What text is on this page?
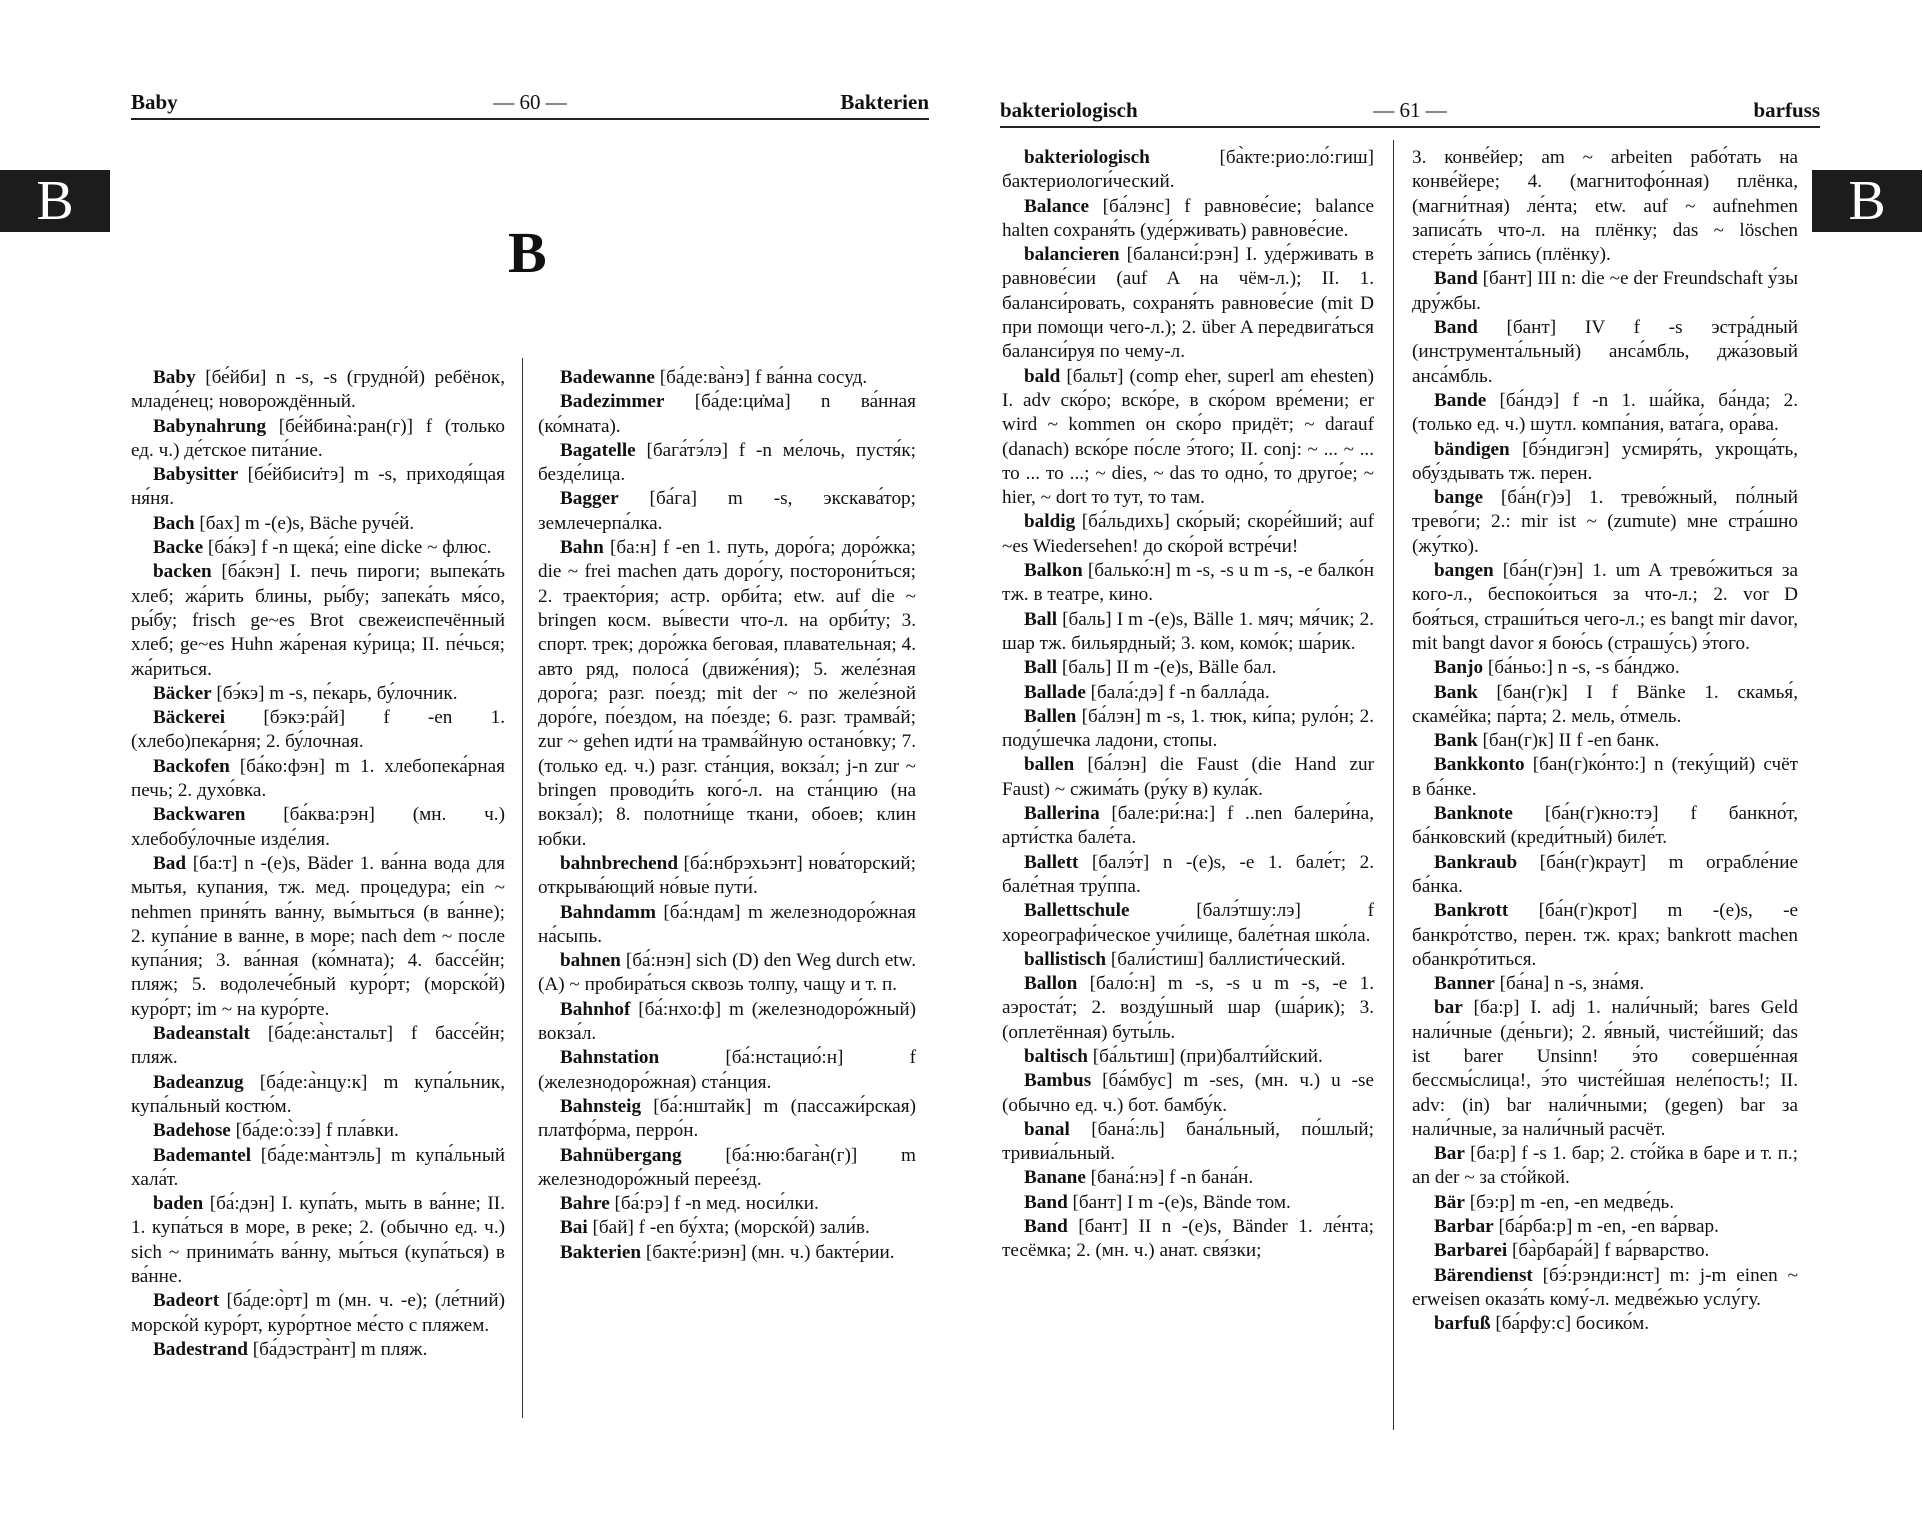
Baby	— 60 —	Bakterien
B
B

Baby [бе́йби] n -s, -s (грудно́й) ребёнок, младе́нец; новорождённый.

Babynahrung [бе́йбина̀:ран(г)] f (только ед. ч.) де́тское пита́ние.

Babysitter [бе́йбиси̇тэ] m -s, приходя́щая ня́ня.

Bach [бах] m -(e)s, Bäche руче́й.

Backe [ба́кэ] f -n щека́; eine dicke ~ флюс.

backen [ба́кэн] I. печь пироги; выпека́ть хлеб; жа́рить блины, ры́бу; запека́ть мя́со, ры́бу; frisch ge~es Brot свежеиспечённый хлеб; ge~es Huhn жа́реная ку́рица; II. пе́чься; жа́риться.

Bäcker [бэ́кэ] m -s, пе́карь, бу́лочник.

Bäckerei [бэкэ:ра́й] f -en 1. (хлебо)пека́рня; 2. бу́лочная.

Backofen [ба́ко:фэн] m 1. хлебопека́рная печь; 2. духо́вка.

Backwaren [ба́ква:рэн] (мн. ч.) хлебобу́лочные изде́лия.

Bad [ба:т] n -(e)s, Bäder 1. ва́нна вода для мытья, купания, тж. мед. процедура; ein ~ nehmen приня́ть ва́нну, вы́мыться (в ва́нне); 2. купа́ние в ванне, в море; nach dem ~ после купа́ния; 3. ва́нная (ко́мната); 4. бассе́йн; пляж; 5. водолече́бный куро́рт; (морско́й) куро́рт; im ~ на куро́рте.

Badeanstalt [ба́де:а̀нстальт] f бассе́йн; пляж.

Badeanzug [ба́де:а̀нцу:к] m купа́льник, купа́льный костю́м.

Badehose [ба́де:о̀:зэ] f пла́вки.

Bademantel [ба́де:ма̀нтэль] m купа́льный хала́т.

baden [ба́:дэн] I. купа́ть, мыть в ва́нне; II. 1. купа́ться в море, в реке; 2. (обычно ед. ч.) sich ~ принима́ть ва́нну, мы́ться (купа́ться) в ва́нне.

Badeort [ба́де:о̀рт] m (мн. ч. -e); (ле́тний) морско́й куро́рт, куро́ртное ме́сто с пляжем.

Badestrand [ба́дэстра̀нт] m пляж.

Badewanne [ба́де:ва̀нэ] f ва́нна сосуд.

Badezimmer [ба́де:ци̇мa] n ва́нная (ко́мната).

Bagatelle [бага́тэ́лэ] f -n ме́лочь, пустя́к; безде́лица.

Bagger [ба́га] m -s, экскава́тор; землечерпа́лка.

Bahn [ба:н] f -en 1. путь, доро́га; доро́жка; die ~ frei machen дать доро́гу, посторони́ться; 2. траекто́рия; астр. орби́та; etw. auf die ~ bringen косм. вы́вести что-л. на орби́ту; 3. спорт. трек; доро́жка беговая, плавательная; 4. авто ряд, полоса́ (движе́ния); 5. желе́зная доро́га; разг. по́езд; mit der ~ по желе́зной доро́ге, по́ездом, на по́езде; 6. разг. трамва́й; zur ~ gehen идти́ на трамва́йную остано́вку; 7. (только ед. ч.) разг. ста́нция, вокза́л; j-n zur ~ bringen проводи́ть кого́-л. на ста́нцию (на вокза́л); 8. полотни́ще ткани, обоев; клин юбки.

bahnbrechend [ба́:нбрэхьэнт] нова́торский; открыва́ющий но́вые пути́.

Bahndamm [ба́:ндам] m железнодоро́жная на́сыпь.

bahnen [ба́:нэн] sich (D) den Weg durch etw. (A) ~ пробира́ться сквозь толпу, чащу и т. п.

Bahnhof [ба́:нхо:ф] m (железнодоро́жный) вокза́л.

Bahnstation [ба́:нстацио́:н] f (железнодоро́жная) ста́нция.

Bahnsteig [ба́:нштайк] m (пассажи́рская) платфо́рма, перро́н.

Bahnübergang [ба́:ню:бага̀н(г)] m железнодоро́жный перее́зд.

Bahre [ба́:рэ] f -n мед. носи́лки.

Bai [бай] f -en бу́хта; (морско́й) зали́в.

Bakterien [бакте́:риэн] (мн. ч.) бакте́рии.

bakteriologisch	— 61 —	barfuss

bakteriologisch [ба̀кте:рио:ло́:гиш] бактериологи́ческий.

Balance [ба́лэнс] f равнове́сие; balance halten сохраня́ть (уде́рживать) равнове́сие.

balancieren [баланси́:рэн] I. уде́рживать в равнове́сии (auf A на чём-л.); II. 1. баланси́ровать, сохраня́ть равнове́сие (mit D при помощи чего-л.); 2. über A передвига́ться баланси́руя по чему-л.

bald [бальт] (comp eher, superl am ehesten) I. adv ско́ро; вско́ре, в ско́ром вре́мени; er wird ~ kommen он ско́ро придёт; ~ darauf (danach) вско́ре по́сле э́того; II. conj: ~ ... ~ ... то ... то ...; ~ dies, ~ das то одно́, то друго́е; ~ hier, ~ dort то тут, то там.

baldig [ба́льдихь] ско́рый; скоре́йший; auf ~es Wiedersehen! до ско́рой встре́чи!

Balkon [балько́:н] m -s, -s u m -s, -e балко́н тж. в театре, кино.

Ball [баль] I m -(e)s, Bälle 1. мяч; мя́чик; 2. шар тж. бильярдный; 3. ком, комо́к; ша́рик.

Ball [баль] II m -(e)s, Bälle бал.

Ballade [бала́:дэ] f -n балла́да.

Ballen [ба́лэн] m -s, 1. тюк, ки́па; руло́н; 2. поду́шечка ладони, стопы.

ballen [ба́лэн] die Faust (die Hand zur Faust) ~ сжима́ть (ру́ку в) кула́к.

Ballerina [бале:ри́:на:] f ..nen балери́на, арти́стка бале́та.

Ballett [балэ́т] n -(e)s, -e 1. бале́т; 2. бале́тная тру́ппа.

Ballettschule [балэ́тшу:лэ] f хореографи́ческое учи́лище, бале́тная шко́ла.

ballistisch [бали́стиш] баллисти́ческий.

Ballon [бало́:н] m -s, -s u m -s, -e 1. аэроста́т; 2. возду́шный шар (ша́рик); 3. (оплетённая) буты́ль.

baltisch [ба́льтиш] (при)балти́йский.

Bambus [ба́мбус] m -ses, (мн. ч.) u -se (обычно ед. ч.) бот. бамбу́к.

banal [бана́:ль] бана́льный, по́шлый; тривиа́льный.

Banane [бана́:нэ] f -n бана́н.

Band [бант] I m -(e)s, Bände том.

Band [бант] II n -(e)s, Bänder 1. ле́нта; тесёмка; 2. (мн. ч.) анат. свя́зки;

3. конве́йер; am ~ arbeiten рабо́тать на конве́йере; 4. (магнитофо́нная) плёнка, (магни́тная) ле́нта; etw. auf ~ aufnehmen записа́ть что-л. на плёнку; das ~ löschen стере́ть за́пись (плёнку).

Band [бант] III n: die ~e der Freundschaft у́зы дру́жбы.

Band [бант] IV f -s эстра́дный (инструмента́льный) анса́мбль, джа́зовый анса́мбль.

Bande [ба́ндэ] f -n 1. ша́йка, ба́нда; 2. (только ед. ч.) шутл. компа́ния, вата́га, ора́ва.

bändigen [бэ́ндигэн] усмиря́ть, укроща́ть, обу́здывать тж. перен.

bange [ба́н(г)э] 1. трево́жный, по́лный трево́ги; 2.: mir ist ~ (zumute) мне стра́шно (жу́тко).

bangen [ба́н(г)эн] 1. um A трево́житься за кого-л., беспоко́иться за что-л.; 2. vor D боя́ться, страши́ться чего-л.; es bangt mir davor, mit bangt davor я бою́сь (страшу́сь) э́того.

Banjo [ба́ньо:] n -s, -s ба́нджо.

Bank [бан(г)к] I f Bänke 1. скамья́, скаме́йка; па́рта; 2. мель, о́тмель.

Bank [бан(г)к] II f -en банк.

Bankkonto [бан(г)ко́нто:] n (теку́щий) счёт в ба́нке.

Banknote [ба́н(г)кно:тэ] f банкно́т, ба́нковский (креди́тный) биле́т.

Bankraub [ба́н(г)краут] m ограбле́ние ба́нка.

Bankrott [ба́н(г)крот] m -(e)s, -e банкро́тство, перен. тж. крах; bankrott machen обанкро́титься.

Banner [ба́на] n -s, зна́мя.

bar [ба:р] I. adj 1. нали́чный; bares Geld нали́чные (де́ньги); 2. я́вный, чисте́йший; das ist barer Unsinn! э́то соверше́нная бессмы́слица!, э́то чисте́йшая неле́пость!; II. adv: (in) bar нали́чными; (gegen) bar за нали́чные, за нали́чный расчёт.

Bar [ба:р] f -s 1. бар; 2. сто́йка в баре и т. п.; an der ~ за сто́йкой.

Bär [бэ:р] m -en, -en медве́дь.

Barbar [ба́рба:р] m -en, -en ва́рвар.

Barbarei [ба̀рбара́й] f ва́рварство.

Bärendienst [бэ́:рэнди:нст] m: j-m einen ~ erweisen оказа́ть кому́-л. медве́жью услу́гу.

barfuß [ба́рфу:с] босико́м.

B
